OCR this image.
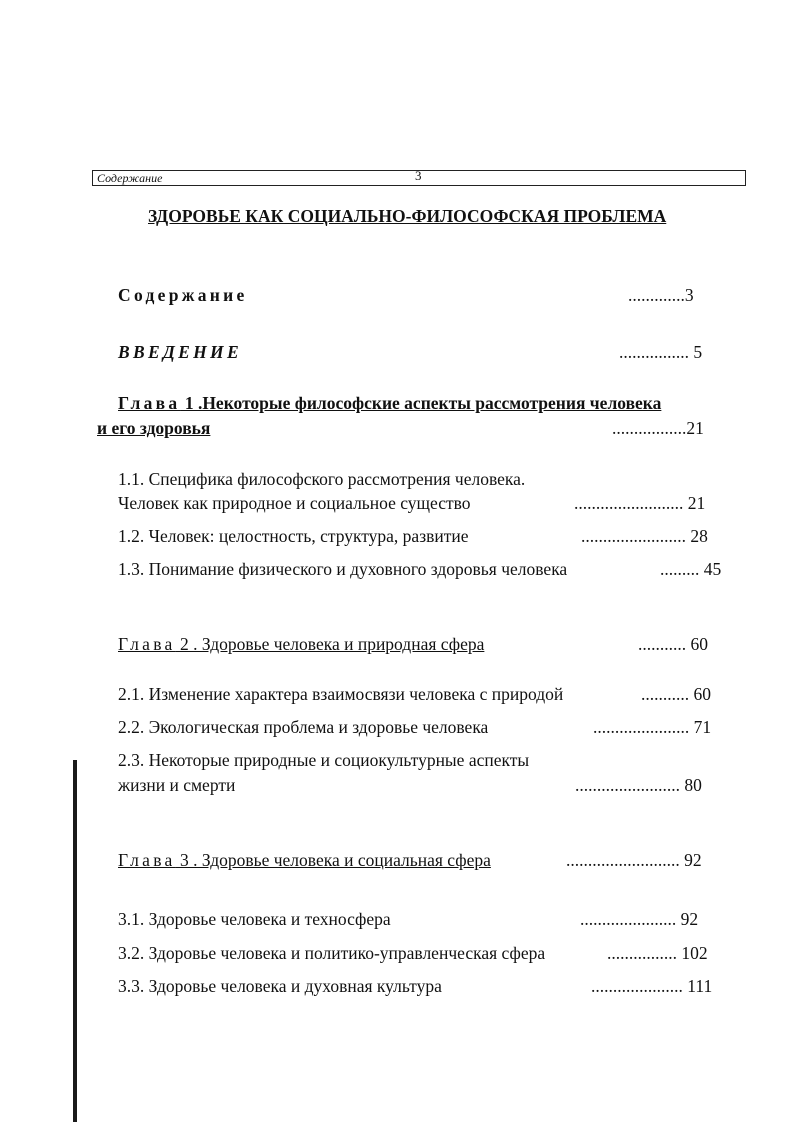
Содержание	3
ЗДОРОВЬЕ КАК СОЦИАЛЬНО-ФИЛОСОФСКАЯ ПРОБЛЕМА
Содержание	.............3
ВВЕДЕНИЕ	................ 5
Глава 1 .Некоторые философские аспекты рассмотрения человека
и его здоровья	.................21
1.1. Специфика философского рассмотрения человека.
Человек как природное и социальное существо	......................... 21
1.2. Человек: целостность, структура, развитие	........................ 28
1.3. Понимание физического и духовного здоровья человека	......... 45
Глава 2 . Здоровье человека и природная сфера	........... 60
2.1. Изменение характера взаимосвязи человека с природой	........... 60
2.2. Экологическая проблема и здоровье человека	...................... 71
2.3. Некоторые природные и социокультурные аспекты
жизни и смерти	........................ 80
Глава 3 . Здоровье человека и социальная сфера	.......................... 92
3.1. Здоровье человека и техносфера	...................... 92
3.2. Здоровье человека и политико-управленческая сфера	................ 102
3.3. Здоровье человека и духовная культура	..................... 111
